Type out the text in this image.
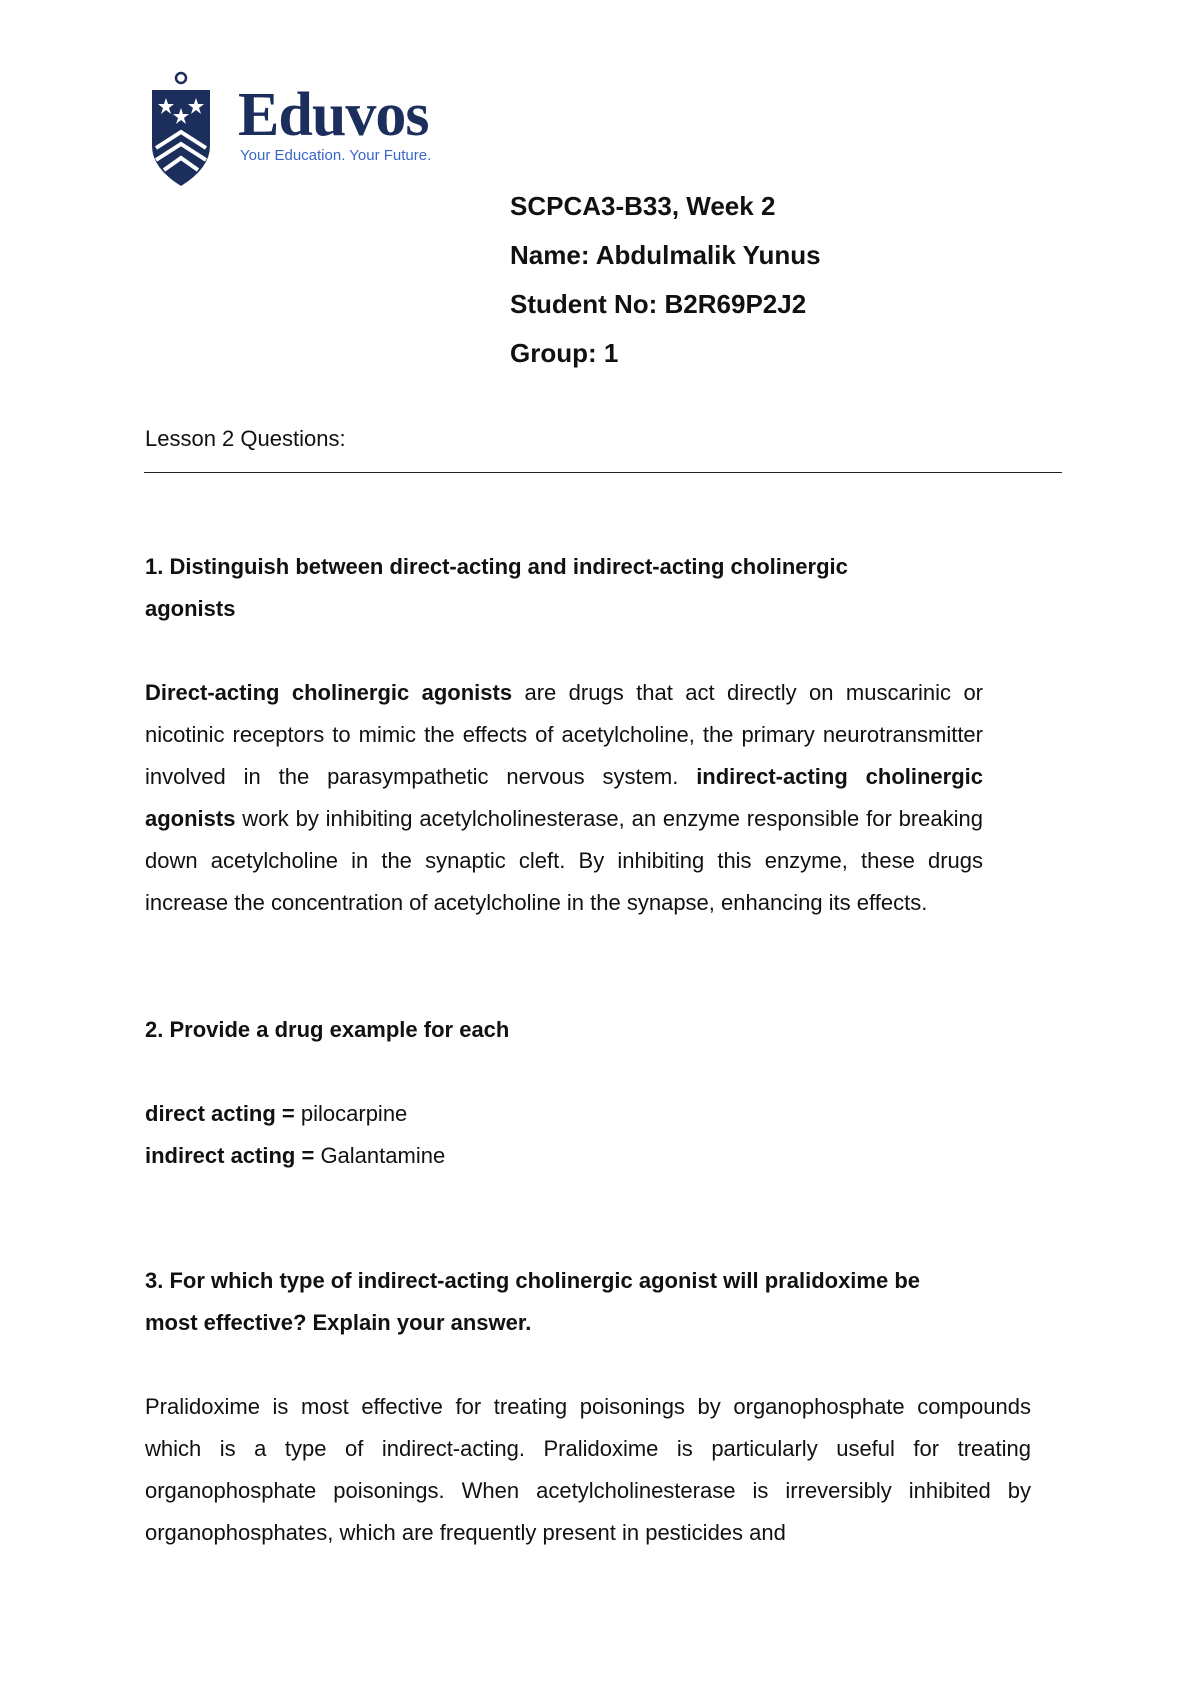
Eduvos
Your Education. Your Future.
SCPCA3-B33, Week 2
Name: Abdulmalik Yunus
Student No: B2R69P2J2
Group: 1
Lesson 2 Questions:
1. Distinguish between direct-acting and indirect-acting cholinergic
agonists

Direct-acting cholinergic agonists are drugs that act directly on muscarinic or nicotinic receptors to mimic the effects of acetylcholine, the primary neurotransmitter involved in the parasympathetic nervous system. indirect-acting cholinergic agonists work by inhibiting acetylcholinesterase, an enzyme responsible for breaking down acetylcholine in the synaptic cleft. By inhibiting this enzyme, these drugs increase the concentration of acetylcholine in the synapse, enhancing its effects.

2. Provide a drug example for each
direct acting = pilocarpine
indirect acting = Galantamine
3. For which type of indirect-acting cholinergic agonist will pralidoxime be
most effective? Explain your answer.

Pralidoxime is most effective for treating poisonings by organophosphate compounds which is a type of indirect-acting. Pralidoxime is particularly useful for treating organophosphate poisonings. When acetylcholinesterase is irreversibly inhibited by organophosphates, which are frequently present in pesticides and
